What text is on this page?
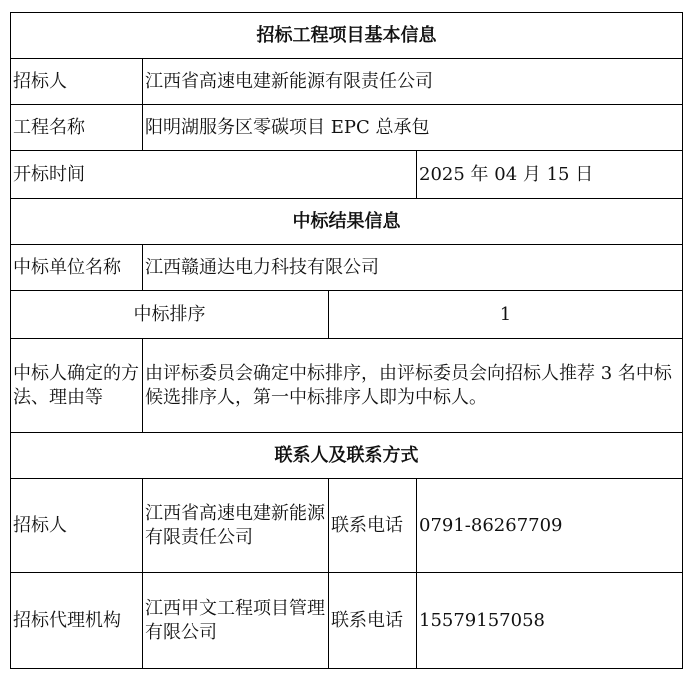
招标工程项目基本信息			
招标人	江西省高速电建新能源有限责任公司		
工程名称	阳明湖服务区零碳项目 EPC 总承包		
开标时间			2025 年 04 月 15 日
中标结果信息			
中标单位名称	江西赣通达电力科技有限公司		
中标排序		1	
中标人确定的方法、理由等	由评标委员会确定中标排序，由评标委员会向招标人推荐 3 名中标候选排序人，第一中标排序人即为中标人。		
联系人及联系方式			
招标人	江西省高速电建新能源有限责任公司	联系电话	0791-86267709
招标代理机构	江西甲文工程项目管理有限公司	联系电话	15579157058
